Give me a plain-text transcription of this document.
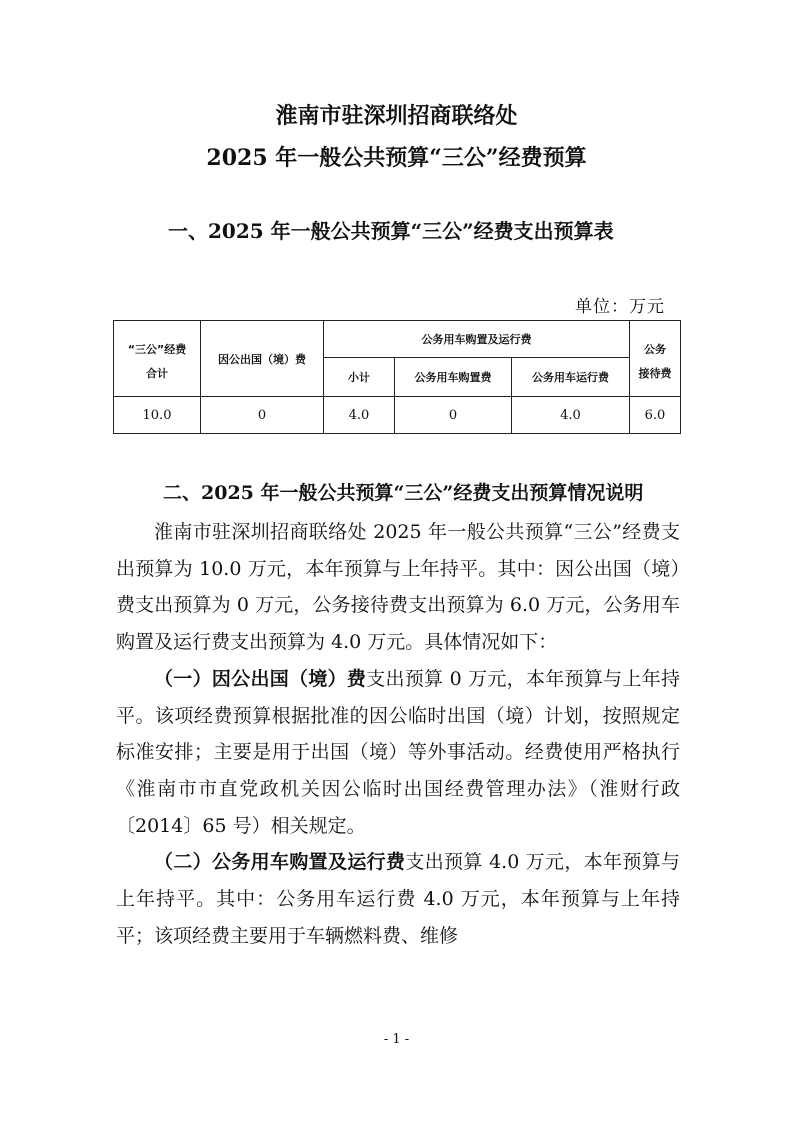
淮南市驻深圳招商联络处
2025 年一般公共预算“三公”经费预算
一、2025 年一般公共预算“三公”经费支出预算表
单位：万元
“三公”经费
合计	因公出国（境）费	公务用车购置及运行费			公务
接待费

		小计	公务用车购置费	公务用车运行费	
10.0	0	4.0	0	4.0	6.0
二、2025 年一般公共预算“三公”经费支出预算情况说明

淮南市驻深圳招商联络处 2025 年一般公共预算“三公”经费支出预算为 10.0 万元，本年预算与上年持平。其中：因公出国（境）费支出预算为 0 万元，公务接待费支出预算为 6.0 万元，公务用车购置及运行费支出预算为 4.0 万元。具体情况如下：

（一）因公出国（境）费支出预算 0 万元，本年预算与上年持平。该项经费预算根据批准的因公临时出国（境）计划，按照规定标准安排；主要是用于出国（境）等外事活动。经费使用严格执行《淮南市市直党政机关因公临时出国经费管理办法》（淮财行政〔2014〕65 号）相关规定。

（二）公务用车购置及运行费支出预算 4.0 万元，本年预算与上年持平。其中：公务用车运行费 4.0 万元，本年预算与上年持平；该项经费主要用于车辆燃料费、维修

- 1 -
